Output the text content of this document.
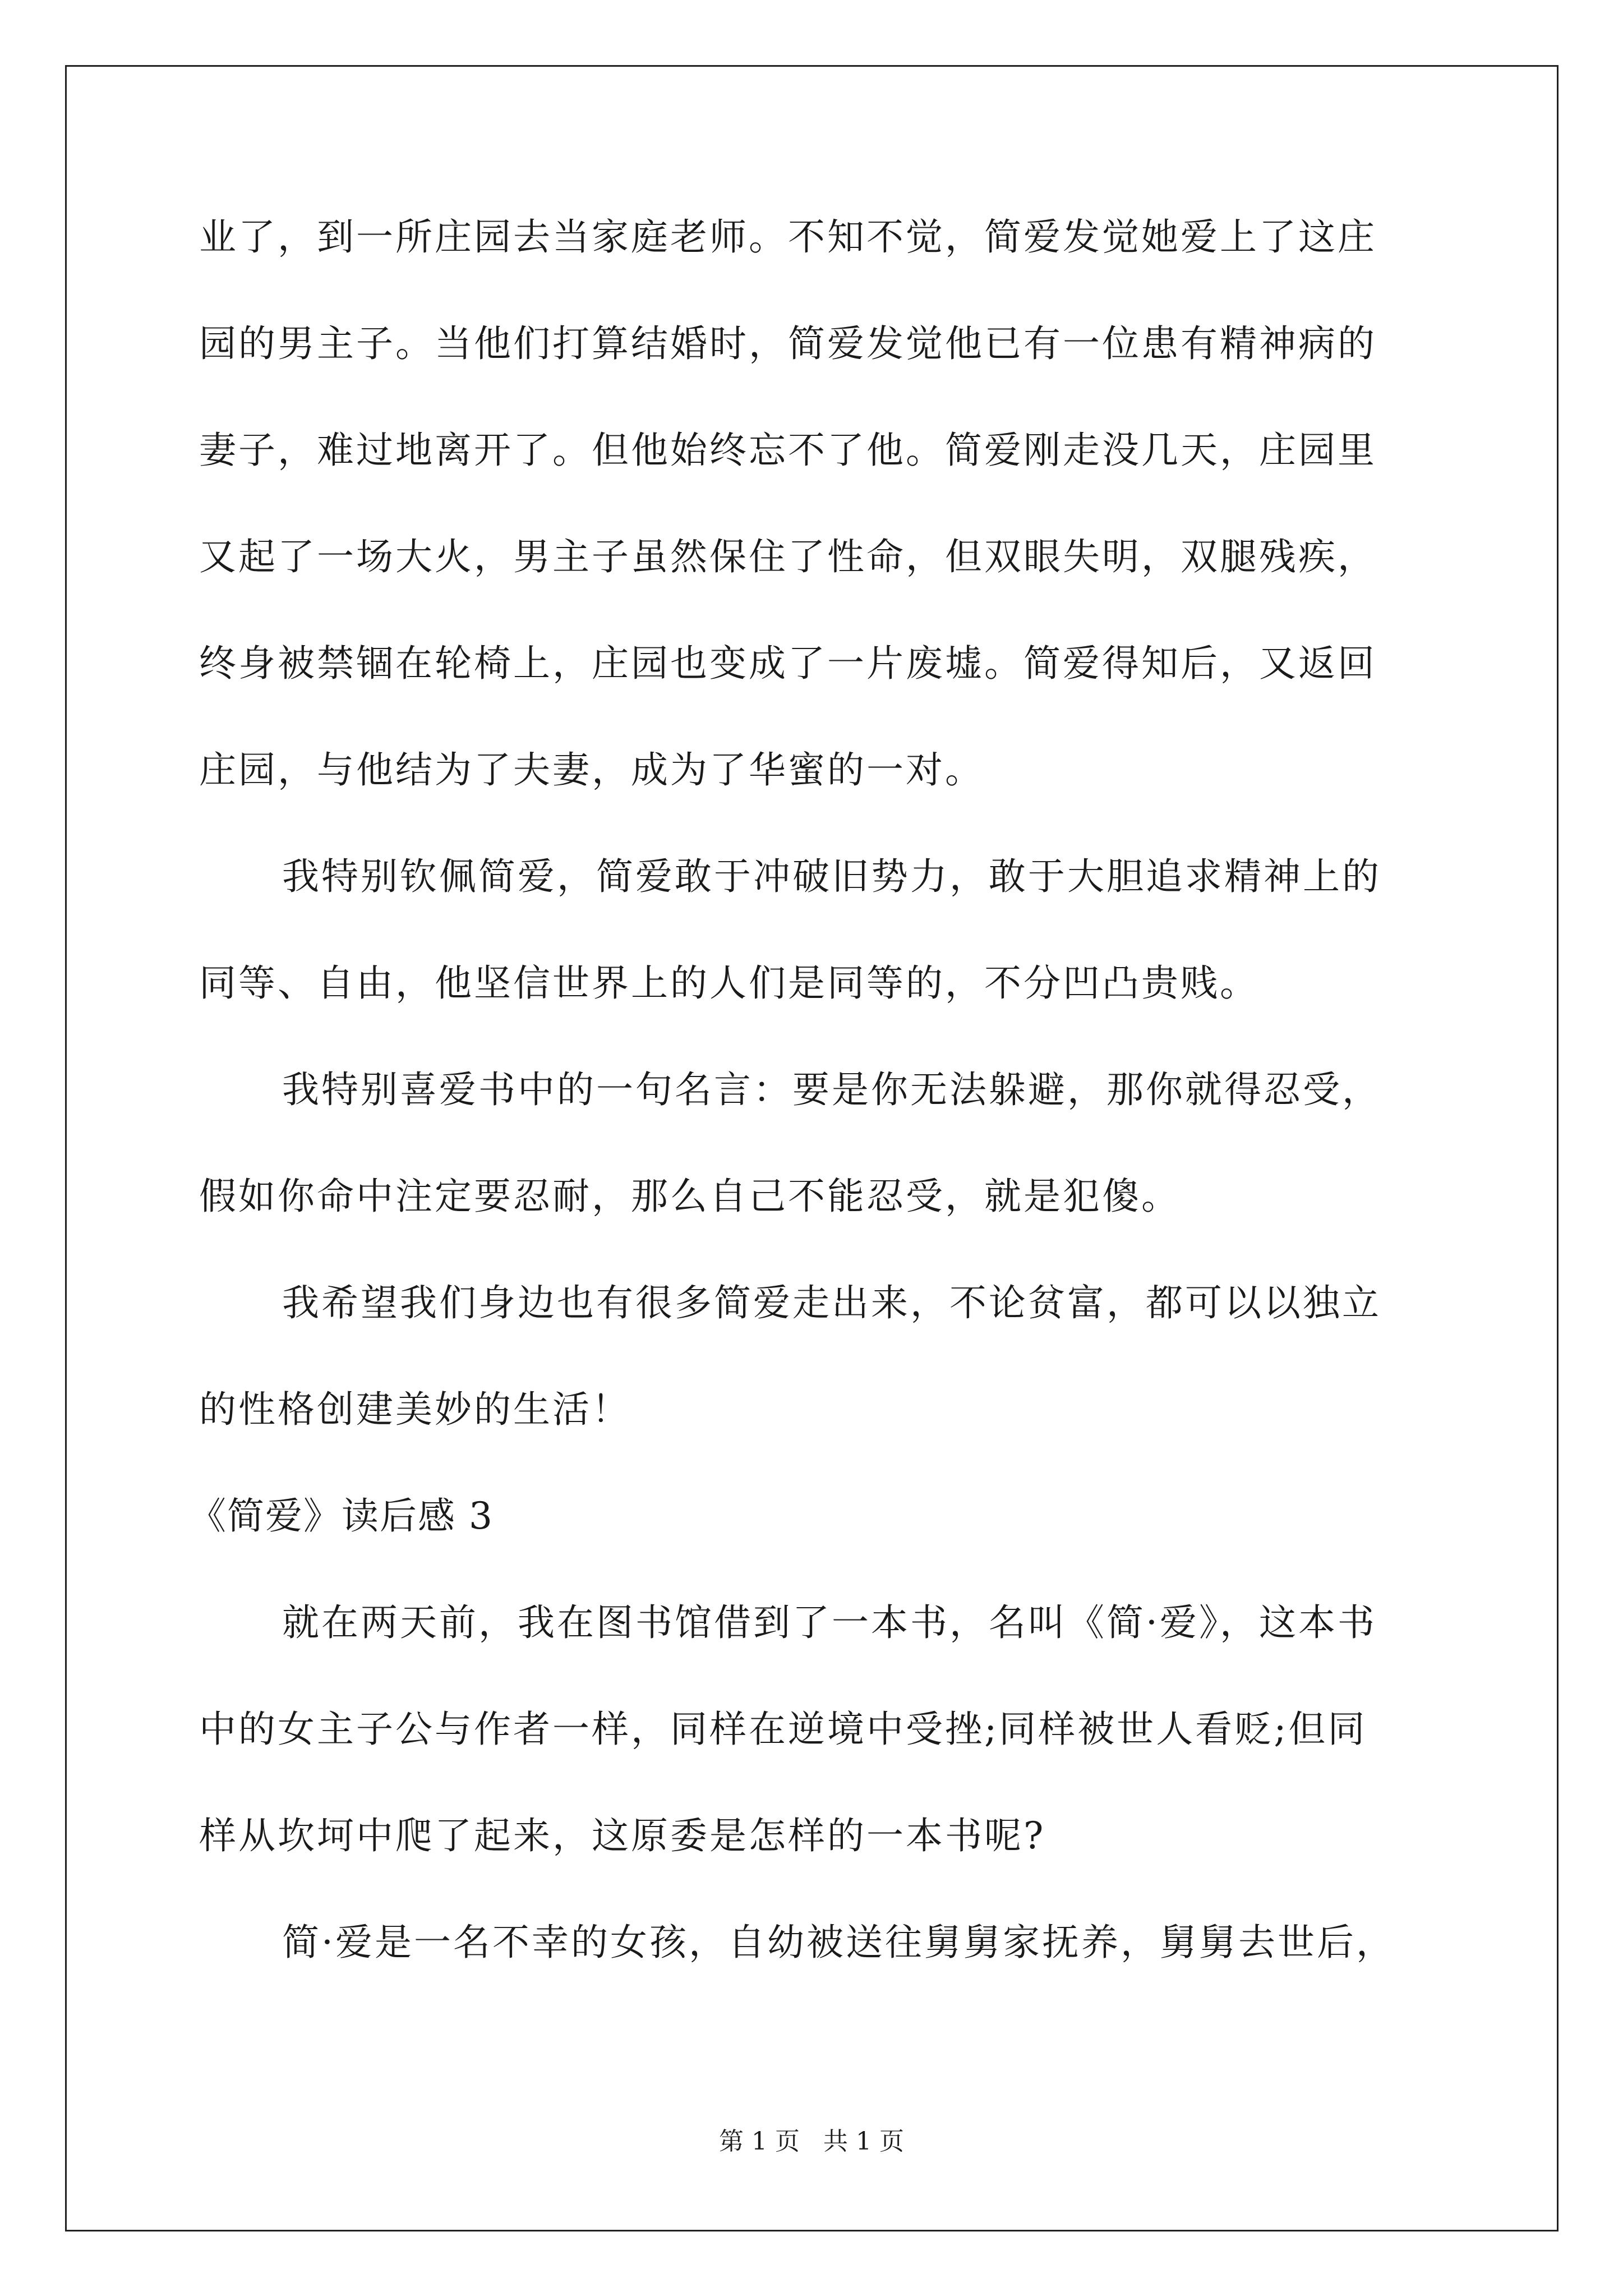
业了，到一所庄园去当家庭老师。不知不觉，简爱发觉她爱上了这庄
园的男主子。当他们打算结婚时，简爱发觉他已有一位患有精神病的
妻子，难过地离开了。但他始终忘不了他。简爱刚走没几天，庄园里
又起了一场大火，男主子虽然保住了性命，但双眼失明，双腿残疾，
终身被禁锢在轮椅上，庄园也变成了一片废墟。简爱得知后，又返回
庄园，与他结为了夫妻，成为了华蜜的一对。
我特别钦佩简爱，简爱敢于冲破旧势力，敢于大胆追求精神上的
同等、自由，他坚信世界上的人们是同等的，不分凹凸贵贱。
我特别喜爱书中的一句名言：要是你无法躲避，那你就得忍受，
假如你命中注定要忍耐，那么自己不能忍受，就是犯傻。
我希望我们身边也有很多简爱走出来，不论贫富，都可以以独立
的性格创建美妙的生活！
《简爱》读后感 3
就在两天前，我在图书馆借到了一本书，名叫《简·爱》，这本书
中的女主子公与作者一样，同样在逆境中受挫;同样被世人看贬;但同
样从坎坷中爬了起来，这原委是怎样的一本书呢?
简·爱是一名不幸的女孩，自幼被送往舅舅家抚养，舅舅去世后，
第 1 页   共 1 页
